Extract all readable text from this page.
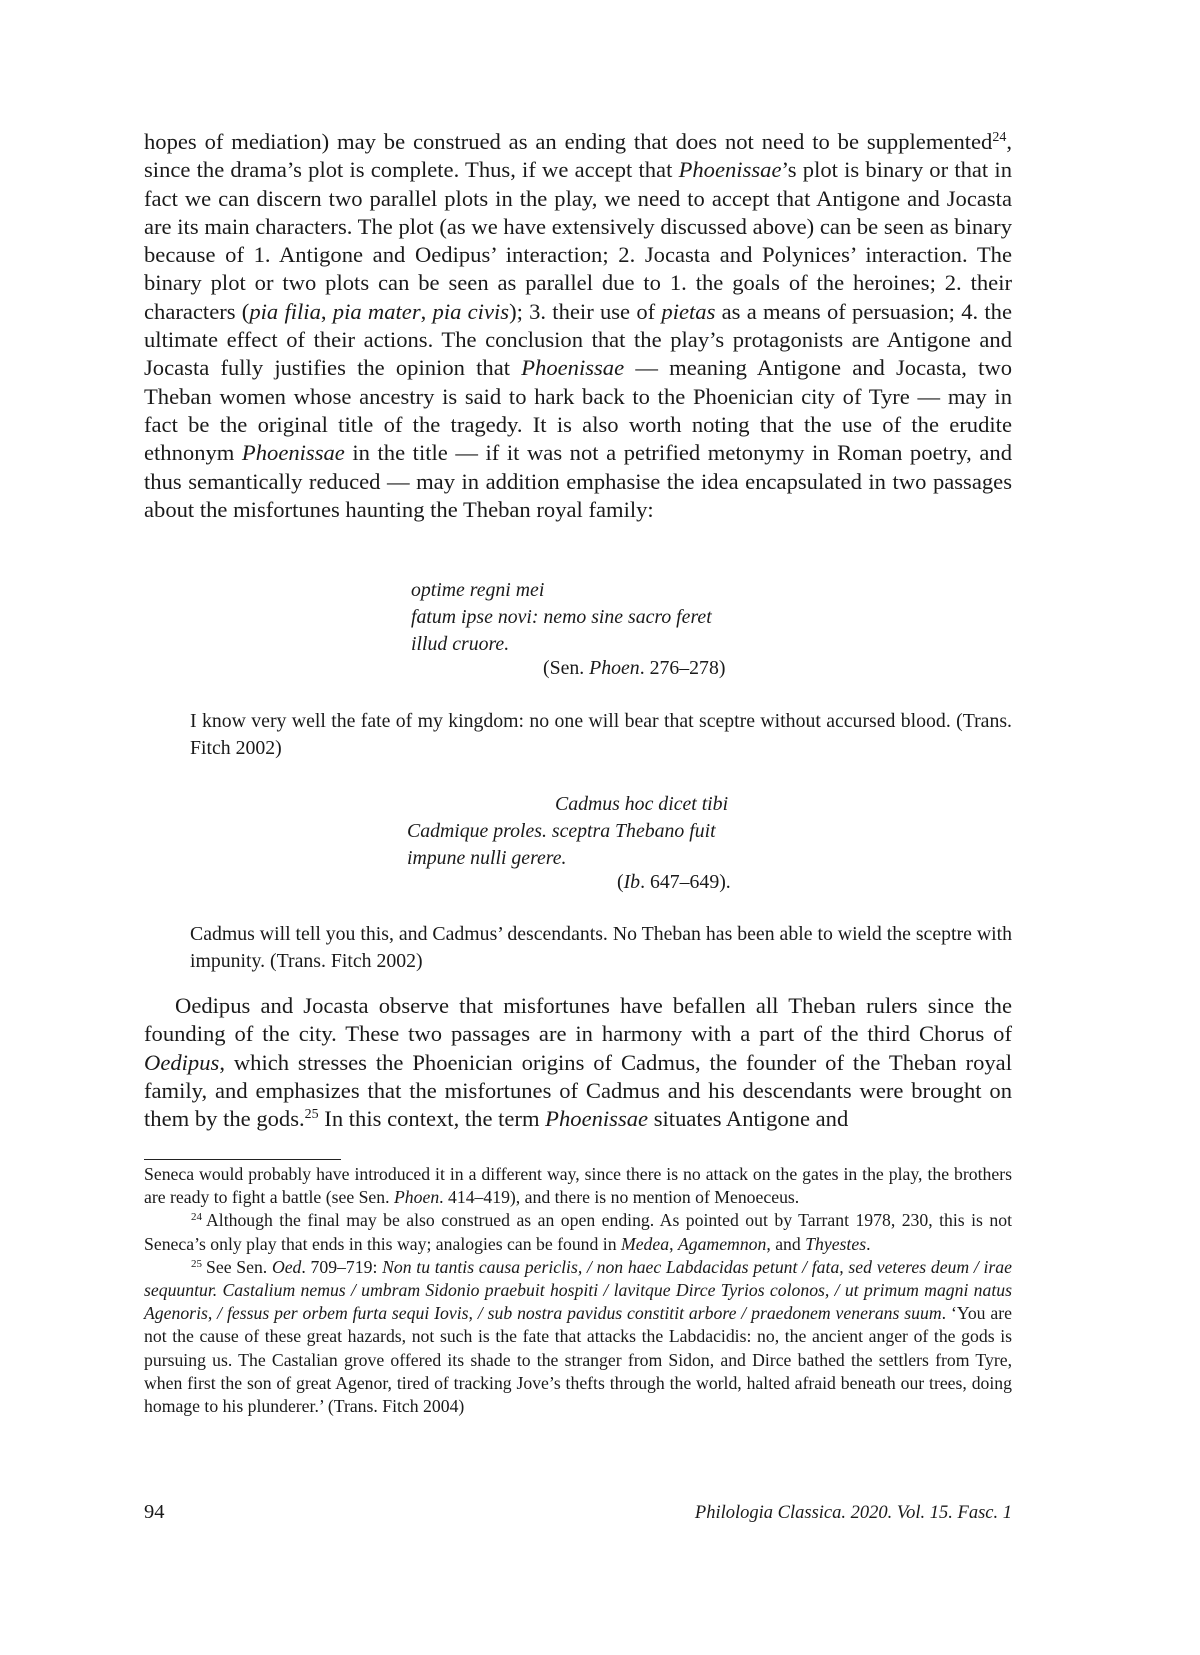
hopes of mediation) may be construed as an ending that does not need to be supplemented$^{24}$, since the drama’s plot is complete. Thus, if we accept that Phoenissae’s plot is binary or that in fact we can discern two parallel plots in the play, we need to accept that Antigone and Jocasta are its main characters. The plot (as we have extensively discussed above) can be seen as binary because of 1. Antigone and Oedipus’ interaction; 2. Jocasta and Polynices’ interaction. The binary plot or two plots can be seen as parallel due to 1. the goals of the heroines; 2. their characters (pia filia, pia mater, pia civis); 3. their use of pietas as a means of persuasion; 4. the ultimate effect of their actions. The conclusion that the play’s protagonists are Antigone and Jocasta fully justifies the opinion that Phoenissae — meaning Antigone and Jocasta, two Theban women whose ancestry is said to hark back to the Phoenician city of Tyre — may in fact be the original title of the tragedy. It is also worth noting that the use of the erudite ethnonym Phoenissae in the title — if it was not a petrified metonymy in Roman poetry, and thus semantically reduced — may in addition emphasise the idea encapsulated in two passages about the misfortunes haunting the Theban royal family:

optime regni mei
fatum ipse novi: nemo sine sacro feret
illud cruore.
(Sen. Phoen. 276–278)

I know very well the fate of my kingdom: no one will bear that sceptre without accursed blood. (Trans. Fitch 2002)

Cadmus hoc dicet tibi
Cadmique proles. sceptra Thebano fuit
impune nulli gerere.
(Ib. 647–649).

Cadmus will tell you this, and Cadmus’ descendants. No Theban has been able to wield the sceptre with impunity. (Trans. Fitch 2002)

Oedipus and Jocasta observe that misfortunes have befallen all Theban rulers since the founding of the city. These two passages are in harmony with a part of the third Chorus of Oedipus, which stresses the Phoenician origins of Cadmus, the founder of the Theban royal family, and emphasizes that the misfortunes of Cadmus and his descendants were brought on them by the gods.$^{25}$ In this context, the term Phoenissae situates Antigone and

Seneca would probably have introduced it in a different way, since there is no attack on the gates in the play, the brothers are ready to fight a battle (see Sen. Phoen. 414–419), and there is no mention of Menoeceus.

$^{24}$ Although the final may be also construed as an open ending. As pointed out by Tarrant 1978, 230, this is not Seneca’s only play that ends in this way; analogies can be found in Medea, Agamemnon, and Thyestes.

$^{25}$ See Sen. Oed. 709–719: Non tu tantis causa periclis, / non haec Labdacidas petunt / fata, sed veteres deum / irae sequuntur. Castalium nemus / umbram Sidonio praebuit hospiti / lavitque Dirce Tyrios colonos, / ut primum magni natus Agenoris, / fessus per orbem furta sequi Iovis, / sub nostra pavidus constitit arbore / praedonem venerans suum. ‘You are not the cause of these great hazards, not such is the fate that attacks the Labdacidis: no, the ancient anger of the gods is pursuing us. The Castalian grove offered its shade to the stranger from Sidon, and Dirce bathed the settlers from Tyre, when first the son of great Agenor, tired of tracking Jove’s thefts through the world, halted afraid beneath our trees, doing homage to his plunderer.’ (Trans. Fitch 2004)

94	Philologia Classica. 2020. Vol. 15. Fasc. 1
